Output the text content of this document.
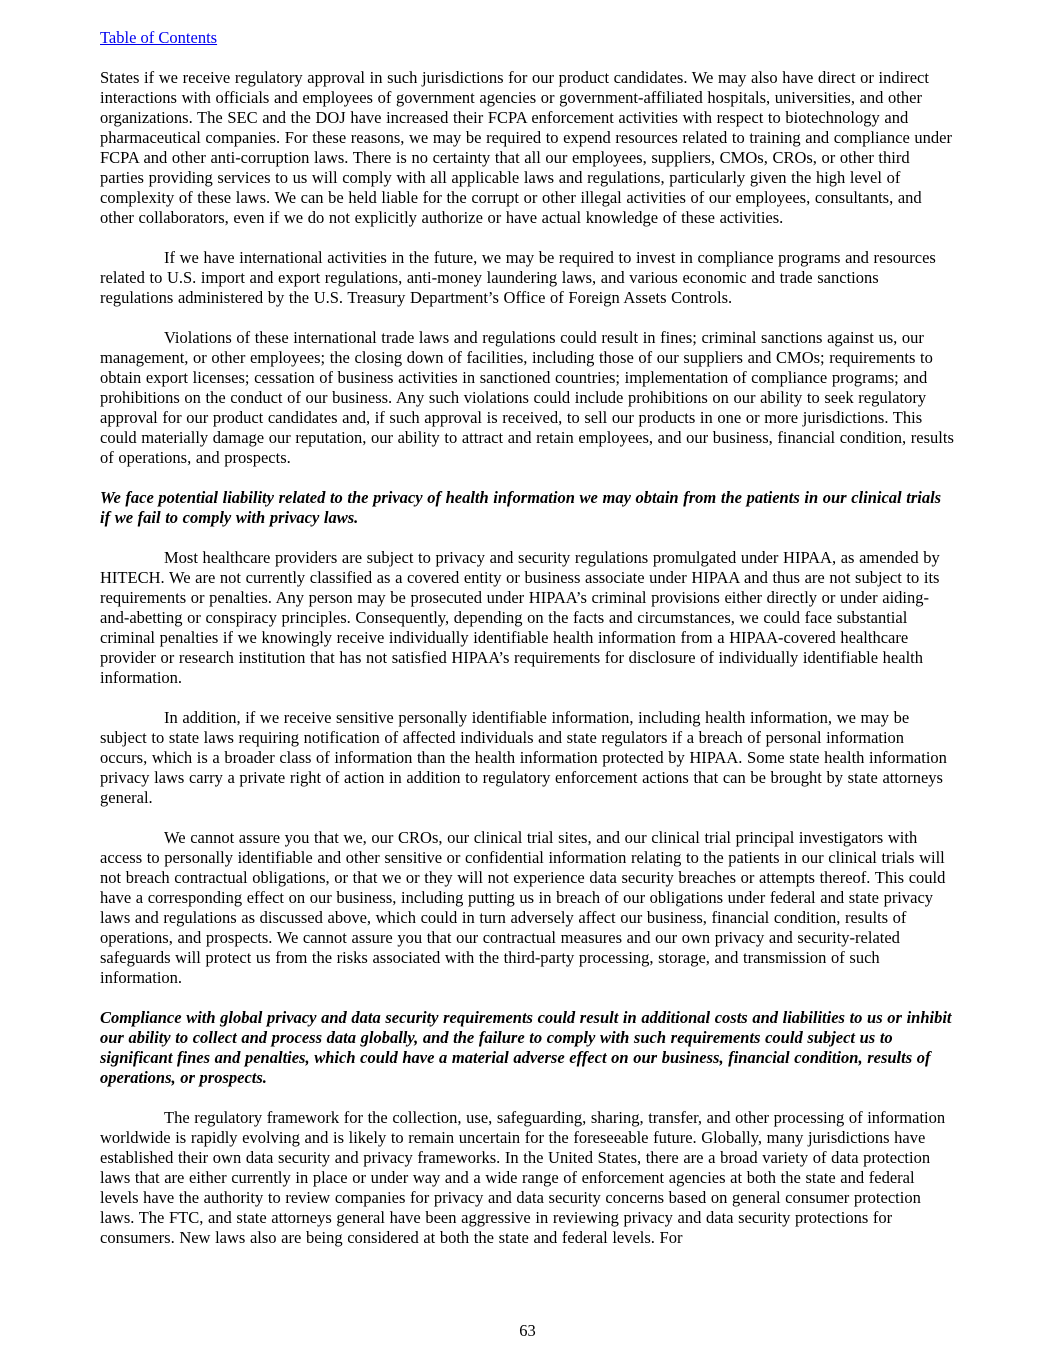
Table of Contents

States if we receive regulatory approval in such jurisdictions for our product candidates. We may also have direct or indirect interactions with officials and employees of government agencies or government-affiliated hospitals, universities, and other organizations. The SEC and the DOJ have increased their FCPA enforcement activities with respect to biotechnology and pharmaceutical companies. For these reasons, we may be required to expend resources related to training and compliance under FCPA and other anti-corruption laws. There is no certainty that all our employees, suppliers, CMOs, CROs, or other third parties providing services to us will comply with all applicable laws and regulations, particularly given the high level of complexity of these laws. We can be held liable for the corrupt or other illegal activities of our employees, consultants, and other collaborators, even if we do not explicitly authorize or have actual knowledge of these activities.

If we have international activities in the future, we may be required to invest in compliance programs and resources related to U.S. import and export regulations, anti-money laundering laws, and various economic and trade sanctions regulations administered by the U.S. Treasury Department’s Office of Foreign Assets Controls.

Violations of these international trade laws and regulations could result in fines; criminal sanctions against us, our management, or other employees; the closing down of facilities, including those of our suppliers and CMOs; requirements to obtain export licenses; cessation of business activities in sanctioned countries; implementation of compliance programs; and prohibitions on the conduct of our business. Any such violations could include prohibitions on our ability to seek regulatory approval for our product candidates and, if such approval is received, to sell our products in one or more jurisdictions. This could materially damage our reputation, our ability to attract and retain employees, and our business, financial condition, results of operations, and prospects.

We face potential liability related to the privacy of health information we may obtain from the patients in our clinical trials if we fail to comply with privacy laws.

Most healthcare providers are subject to privacy and security regulations promulgated under HIPAA, as amended by HITECH. We are not currently classified as a covered entity or business associate under HIPAA and thus are not subject to its requirements or penalties. Any person may be prosecuted under HIPAA’s criminal provisions either directly or under aiding-and-abetting or conspiracy principles. Consequently, depending on the facts and circumstances, we could face substantial criminal penalties if we knowingly receive individually identifiable health information from a HIPAA-covered healthcare provider or research institution that has not satisfied HIPAA’s requirements for disclosure of individually identifiable health information.

In addition, if we receive sensitive personally identifiable information, including health information, we may be subject to state laws requiring notification of affected individuals and state regulators if a breach of personal information occurs, which is a broader class of information than the health information protected by HIPAA. Some state health information privacy laws carry a private right of action in addition to regulatory enforcement actions that can be brought by state attorneys general.

We cannot assure you that we, our CROs, our clinical trial sites, and our clinical trial principal investigators with access to personally identifiable and other sensitive or confidential information relating to the patients in our clinical trials will not breach contractual obligations, or that we or they will not experience data security breaches or attempts thereof. This could have a corresponding effect on our business, including putting us in breach of our obligations under federal and state privacy laws and regulations as discussed above, which could in turn adversely affect our business, financial condition, results of operations, and prospects. We cannot assure you that our contractual measures and our own privacy and security-related safeguards will protect us from the risks associated with the third-party processing, storage, and transmission of such information.

Compliance with global privacy and data security requirements could result in additional costs and liabilities to us or inhibit our ability to collect and process data globally, and the failure to comply with such requirements could subject us to significant fines and penalties, which could have a material adverse effect on our business, financial condition, results of operations, or prospects.

The regulatory framework for the collection, use, safeguarding, sharing, transfer, and other processing of information worldwide is rapidly evolving and is likely to remain uncertain for the foreseeable future. Globally, many jurisdictions have established their own data security and privacy frameworks. In the United States, there are a broad variety of data protection laws that are either currently in place or under way and a wide range of enforcement agencies at both the state and federal levels have the authority to review companies for privacy and data security concerns based on general consumer protection laws. The FTC, and state attorneys general have been aggressive in reviewing privacy and data security protections for consumers. New laws also are being considered at both the state and federal levels. For

63
